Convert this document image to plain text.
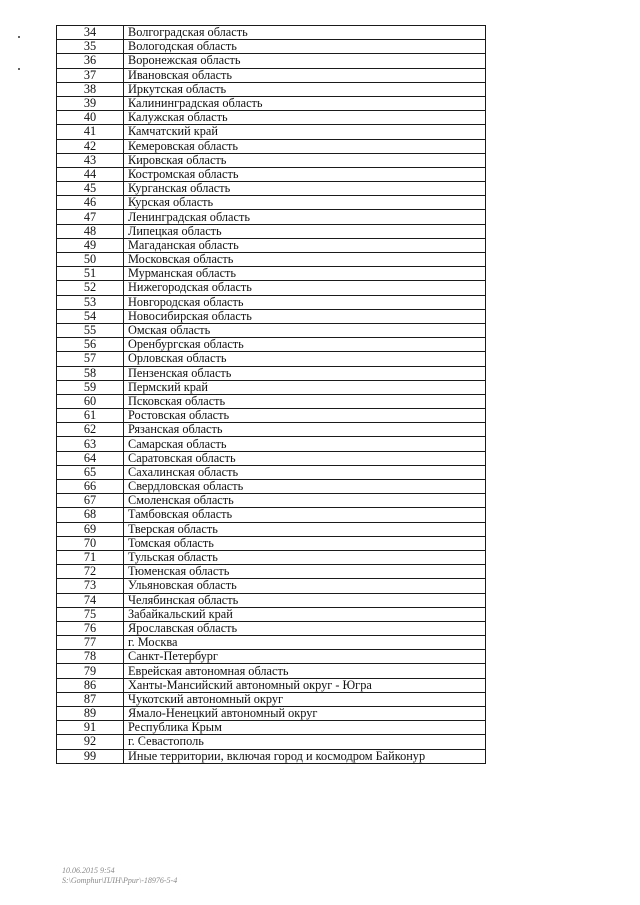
34	Волгоградская область
35	Вологодская область
36	Воронежская область
37	Ивановская область
38	Иркутская область
39	Калининградская область
40	Калужская область
41	Камчатский край
42	Кемеровская область
43	Кировская область
44	Костромская область
45	Курганская область
46	Курская область
47	Ленинградская область
48	Липецкая область
49	Магаданская область
50	Московская область
51	Мурманская область
52	Нижегородская область
53	Новгородская область
54	Новосибирская область
55	Омская область
56	Оренбургская область
57	Орловская область
58	Пензенская область
59	Пермский край
60	Псковская область
61	Ростовская область
62	Рязанская область
63	Самарская область
64	Саратовская область
65	Сахалинская область
66	Свердловская область
67	Смоленская область
68	Тамбовская область
69	Тверская область
70	Томская область
71	Тульская область
72	Тюменская область
73	Ульяновская область
74	Челябинская область
75	Забайкальский край
76	Ярославская область
77	г. Москва
78	Санкт-Петербург
79	Еврейская автономная область
86	Ханты-Мансийский автономный округ - Югра
87	Чукотский автономный округ
89	Ямало-Ненецкий автономный округ
91	Республика Крым
92	г. Севастополь
99	Иные территории, включая город и космодром Байконур
10.06.2015 9:54
S:\Gomphur\ПЛН\Ppur\-18976-5-4
